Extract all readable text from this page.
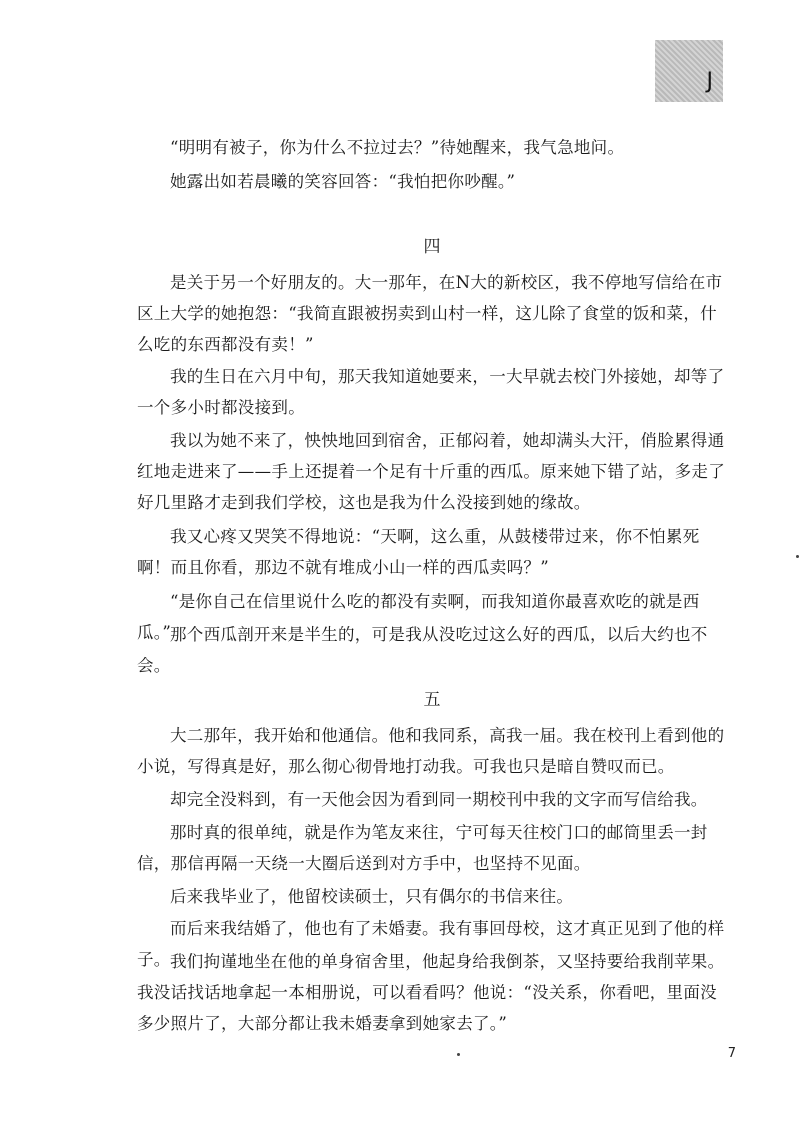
J

“明明有被子，你为什么不拉过去？”待她醒来，我气急地问。

她露出如若晨曦的笑容回答：“我怕把你吵醒。”

四

是关于另一个好朋友的。大一那年，在N大的新校区，我不停地写信给在市区上大学的她抱怨：“我简直跟被拐卖到山村一样，这儿除了食堂的饭和菜，什么吃的东西都没有卖！”

我的生日在六月中旬，那天我知道她要来，一大早就去校门外接她，却等了一个多小时都没接到。

我以为她不来了，怏怏地回到宿舍，正郁闷着，她却满头大汗，俏脸累得通红地走进来了——手上还提着一个足有十斤重的西瓜。原来她下错了站，多走了好几里路才走到我们学校，这也是我为什么没接到她的缘故。

我又心疼又哭笑不得地说：“天啊，这么重，从鼓楼带过来，你不怕累死啊！而且你看，那边不就有堆成小山一样的西瓜卖吗？”

“是你自己在信里说什么吃的都没有卖啊，而我知道你最喜欢吃的就是西瓜。”

那个西瓜剖开来是半生的，可是我从没吃过这么好的西瓜，以后大约也不会。

五

大二那年，我开始和他通信。他和我同系，高我一届。我在校刊上看到他的小说，写得真是好，那么彻心彻骨地打动我。可我也只是暗自赞叹而已。

却完全没料到，有一天他会因为看到同一期校刊中我的文字而写信给我。

那时真的很单纯，就是作为笔友来往，宁可每天往校门口的邮筒里丢一封信，那信再隔一天绕一大圈后送到对方手中，也坚持不见面。

后来我毕业了，他留校读硕士，只有偶尔的书信来往。

而后来我结婚了，他也有了未婚妻。我有事回母校，这才真正见到了他的样子。 我们拘谨地坐在他的单身宿舍里，他起身给我倒茶，又坚持要给我削苹果。我没话找话地拿起一本相册说，可以看看吗？他说：“没关系，你看吧，里面没多少照片了，大部分都让我未婚妻拿到她家去了。”

7
